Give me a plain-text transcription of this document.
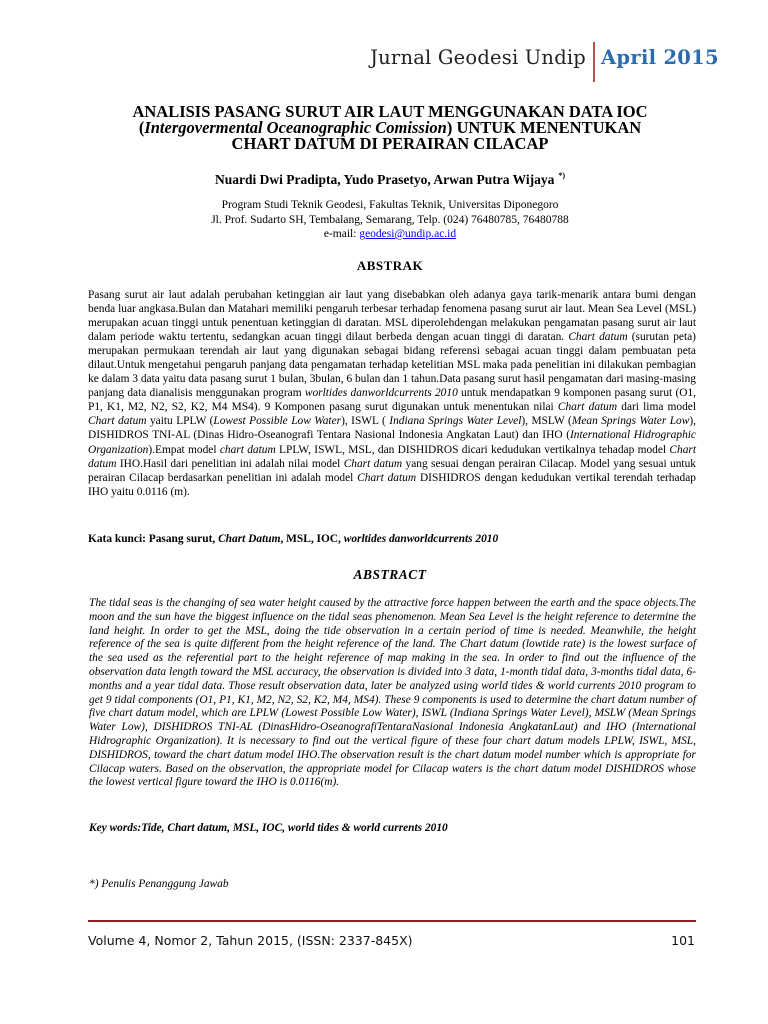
Jurnal Geodesi Undip April 2015
ANALISIS PASANG SURUT AIR LAUT MENGGUNAKAN DATA IOC
(Intergovermental Oceanographic Comission) UNTUK MENENTUKAN
CHART DATUM DI PERAIRAN CILACAP
Nuardi Dwi Pradipta, Yudo Prasetyo, Arwan Putra Wijaya *)
Program Studi Teknik Geodesi, Fakultas Teknik, Universitas Diponegoro
Jl. Prof. Sudarto SH, Tembalang, Semarang, Telp. (024) 76480785, 76480788
e-mail: geodesi@undip.ac.id
ABSTRAK
Pasang surut air laut adalah perubahan ketinggian air laut yang disebabkan oleh adanya gaya tarik-menarik antara bumi dengan benda luar angkasa.Bulan dan Matahari memiliki pengaruh terbesar terhadap fenomena pasang surut air laut. Mean Sea Level (MSL) merupakan acuan tinggi untuk penentuan ketinggian di daratan. MSL diperolehdengan melakukan pengamatan pasang surut air laut dalam periode waktu tertentu, sedangkan acuan tinggi dilaut berbeda dengan acuan tinggi di daratan. Chart datum (surutan peta) merupakan permukaan terendah air laut yang digunakan sebagai bidang referensi sebagai acuan tinggi dalam pembuatan peta dilaut.Untuk mengetahui pengaruh panjang data pengamatan terhadap ketelitian MSL maka pada penelitian ini dilakukan pembagian ke dalam 3 data yaitu data pasang surut 1 bulan, 3bulan, 6 bulan dan 1 tahun.Data pasang surut hasil pengamatan dari masing-masing panjang data dianalisis menggunakan program worltides danworldcurrents 2010 untuk mendapatkan 9 komponen pasang surut (O1, P1, K1, M2, N2, S2, K2, M4 MS4). 9 Komponen pasang surut digunakan untuk menentukan nilai Chart datum dari lima model Chart datum yaitu LPLW (Lowest Possible Low Water), ISWL ( Indiana Springs Water Level), MSLW (Mean Springs Water Low), DISHIDROS TNI-AL (Dinas Hidro-Oseanografi Tentara Nasional Indonesia Angkatan Laut) dan IHO (International Hidrographic Organization).Empat model chart datum LPLW, ISWL, MSL, dan DISHIDROS dicari kedudukan vertikalnya tehadap model Chart datum IHO.Hasil dari penelitian ini adalah nilai model Chart datum yang sesuai dengan perairan Cilacap. Model yang sesuai untuk perairan Cilacap berdasarkan penelitian ini adalah model Chart datum DISHIDROS dengan kedudukan vertikal terendah terhadap IHO yaitu 0.0116 (m).
Kata kunci: Pasang surut, Chart Datum, MSL, IOC, worltides danworldcurrents 2010
ABSTRACT
The tidal seas is the changing of sea water height caused by the attractive force happen between the earth and the space objects.The moon and the sun have the biggest influence on the tidal seas phenomenon. Mean Sea Level is the height reference to determine the land height. In order to get the MSL, doing the tide observation in a certain period of time is needed. Meanwhile, the height reference of the sea is quite different from the height reference of the land. The Chart datum (lowtide rate) is the lowest surface of the sea used as the referential part to the height reference of map making in the sea. In order to find out the influence of the observation data length toward the MSL accuracy, the observation is divided into 3 data, 1-month tidal data, 3-months tidal data, 6-months and a year tidal data. Those result observation data, later be analyzed using world tides & world currents 2010 program to get 9 tidal components (O1, P1, K1, M2, N2, S2, K2, M4, MS4). These 9 components is used to determine the chart datum number of five chart datum model, which are LPLW (Lowest Possible Low Water), ISWL (Indiana Springs Water Level), MSLW (Mean Springs Water Low), DISHIDROS TNI-AL (DinasHidro-OseanografiTentaraNasional Indonesia AngkatanLaut) and IHO (International Hidrographic Organization). It is necessary to find out the vertical figure of these four chart datum models LPLW, ISWL, MSL, DISHIDROS, toward the chart datum model IHO.The observation result is the chart datum model number which is appropriate for Cilacap waters. Based on the observation, the appropriate model for Cilacap waters is the chart datum model DISHIDROS whose the lowest vertical figure toward the IHO is 0.0116(m).
Key words:Tide, Chart datum, MSL, IOC, world tides & world currents 2010
*) Penulis Penanggung Jawab
Volume 4, Nomor 2, Tahun 2015, (ISSN: 2337-845X)	101
